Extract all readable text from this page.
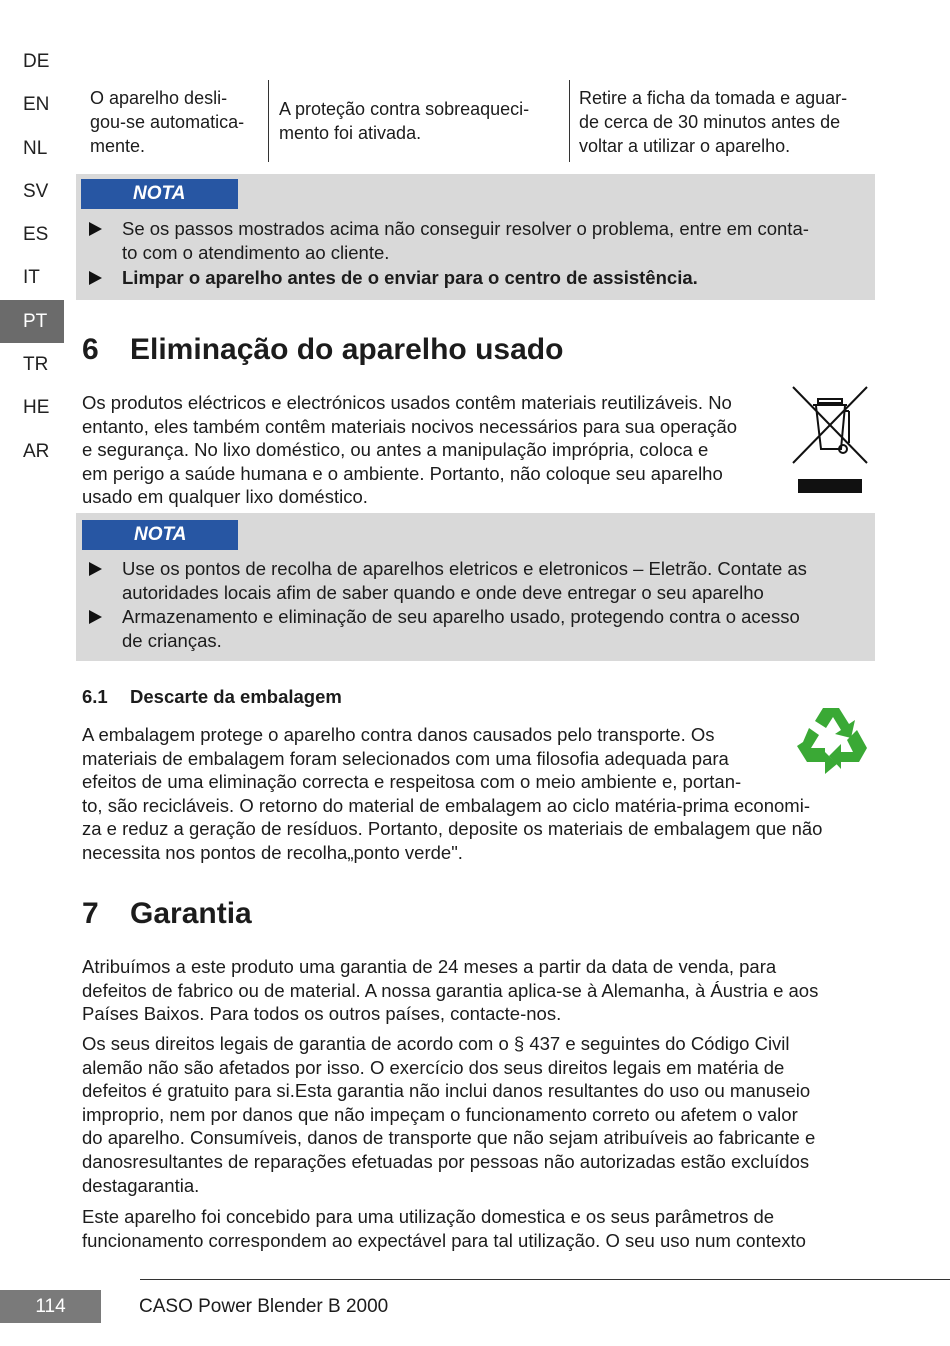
DE
EN
NL
SV
ES
IT
PT
TR
HE
AR
O aparelho desli-
gou-se automatica-
mente.
A proteção contra sobreaqueci-
mento foi ativada.
Retire a ficha da tomada e aguar-
de cerca de 30 minutos antes de
voltar a utilizar o aparelho.
NOTA
Se os passos mostrados acima não conseguir resolver o problema, entre em conta-
to com o atendimento ao cliente.
Limpar o aparelho antes de o enviar para o centro de assistência.
6 Eliminação do aparelho usado
Os produtos eléctricos e electrónicos usados contêm materiais reutilizáveis. No
entanto, eles também contêm materiais nocivos necessários para sua operação
e segurança. No lixo doméstico, ou antes a manipulação imprópria, coloca e
em perigo a saúde humana e o ambiente. Portanto, não coloque seu aparelho
usado em qualquer lixo doméstico.
NOTA
Use os pontos de recolha de aparelhos eletricos e eletronicos – Eletrão. Contate as
autoridades locais afim de saber quando e onde deve entregar o seu aparelho
Armazenamento e eliminação de seu aparelho usado, protegendo contra o acesso
de crianças.
6.1 Descarte da embalagem
A embalagem protege o aparelho contra danos causados pelo transporte. Os
materiais de embalagem foram selecionados com uma filosofia adequada para
efeitos de uma eliminação correcta e respeitosa com o meio ambiente e, portan-
to, são recicláveis. O retorno do material de embalagem ao ciclo matéria-prima economi-
za e reduz a geração de resíduos. Portanto, deposite os materiais de embalagem que não
necessita nos pontos de recolha„ponto verde".
7 Garantia
Atribuímos a este produto uma garantia de 24 meses a partir da data de venda, para
defeitos de fabrico ou de material. A nossa garantia aplica-se à Alemanha, à Áustria e aos
Países Baixos. Para todos os outros países, contacte-nos.
Os seus direitos legais de garantia de acordo com o § 437 e seguintes do Código Civil
alemão não são afetados por isso. O exercício dos seus direitos legais em matéria de
defeitos é gratuito para si.Esta garantia não inclui danos resultantes do uso ou manuseio
improprio, nem por danos que não impeçam o funcionamento correto ou afetem o valor
do aparelho. Consumíveis, danos de transporte que não sejam atribuíveis ao fabricante e
danosresultantes de reparações efetuadas por pessoas não autorizadas estão excluídos
destagarantia.
Este aparelho foi concebido para uma utilização domestica e os seus parâmetros de
funcionamento correspondem ao expectável para tal utilização. O seu uso num contexto
114	CASO Power Blender B 2000
